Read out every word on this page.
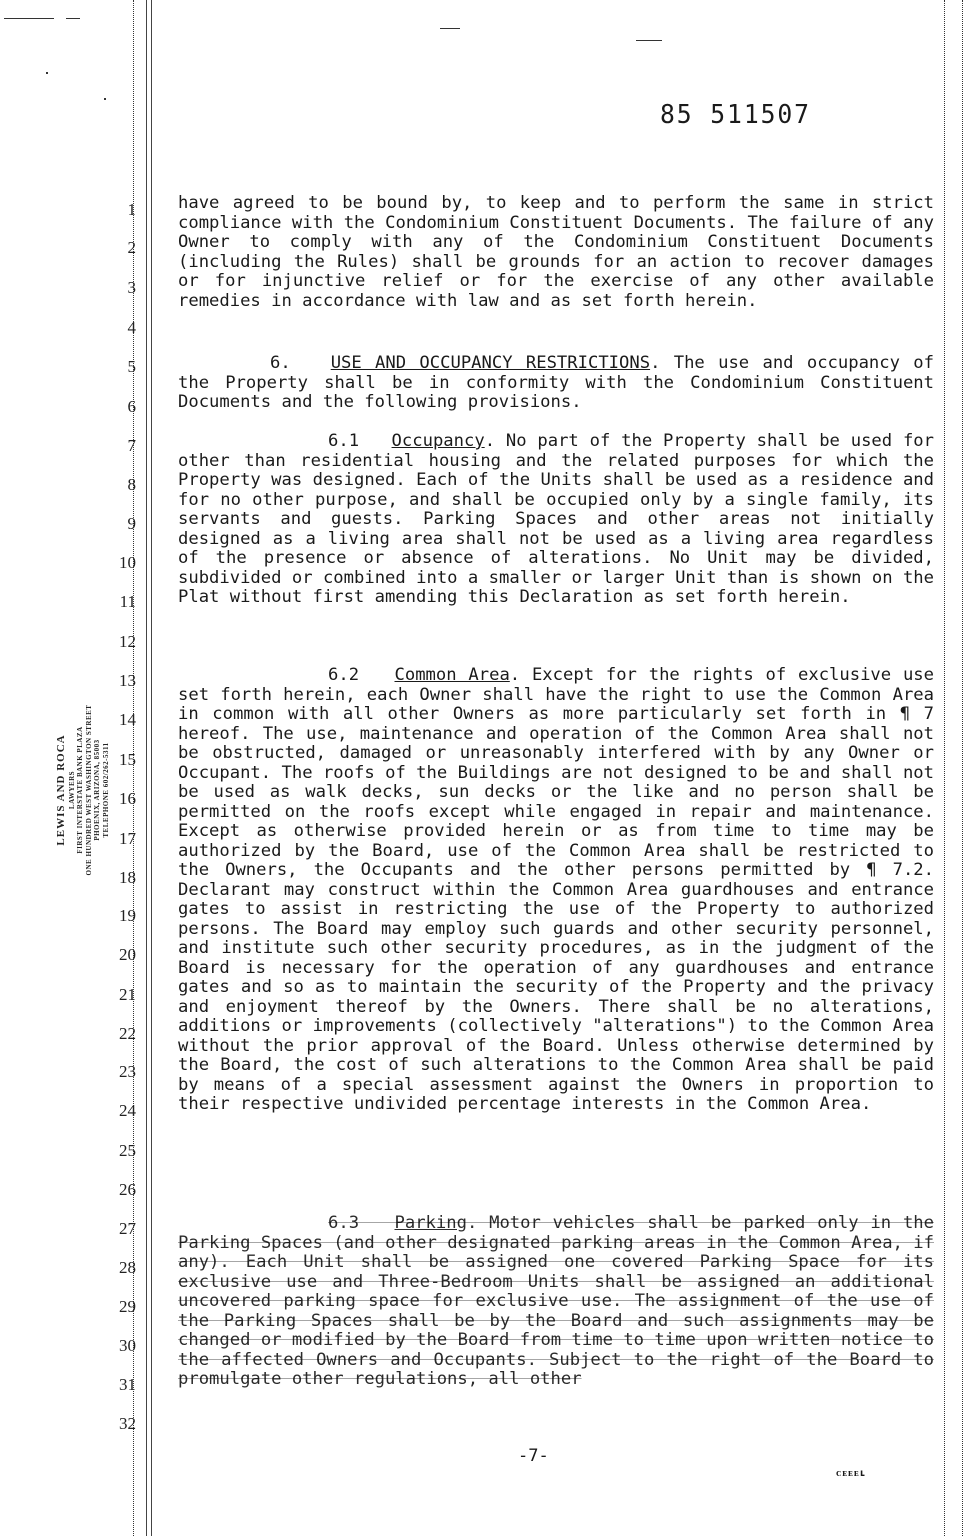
85 511507
LEWIS AND ROCA LAWYERS FIRST INTERSTATE BANK PLAZA ONE HUNDRED WEST WASHINGTON STREET PHOENIX, ARIZONA, 85003 TELEPHONE 602/262-5311
1
2
3
4
5
6
7
8
9
10
11
12
13
14
15
16
17
18
19
20
21
22
23
24
25
26
27
28
29
30
31
32

have agreed to be bound by, to keep and to perform the same in strict compliance with the Condominium Constituent Documents. The failure of any Owner to comply with any of the Condominium Constituent Documents (including the Rules) shall be grounds for an action to recover damages or for injunctive relief or for the exercise of any other available remedies in accordance with law and as set forth herein.

6. USE AND OCCUPANCY RESTRICTIONS. The use and occupancy of the Property shall be in conformity with the Condominium Constituent Documents and the following provisions.

6.1 Occupancy. No part of the Property shall be used for other than residential housing and the related purposes for which the Property was designed. Each of the Units shall be used as a residence and for no other purpose, and shall be occupied only by a single family, its servants and guests. Parking Spaces and other areas not initially designed as a living area shall not be used as a living area regardless of the presence or absence of alterations. No Unit may be divided, subdivided or combined into a smaller or larger Unit than is shown on the Plat without first amending this Declaration as set forth herein.

6.2 Common Area. Except for the rights of exclusive use set forth herein, each Owner shall have the right to use the Common Area in common with all other Owners as more particularly set forth in ¶ 7 hereof. The use, maintenance and operation of the Common Area shall not be obstructed, damaged or unreasonably interfered with by any Owner or Occupant. The roofs of the Buildings are not designed to be and shall not be used as walk decks, sun decks or the like and no person shall be permitted on the roofs except while engaged in repair and maintenance. Except as otherwise provided herein or as from time to time may be authorized by the Board, use of the Common Area shall be restricted to the Owners, the Occupants and the other persons permitted by ¶ 7.2. Declarant may construct within the Common Area guardhouses and entrance gates to assist in restricting the use of the Property to authorized persons. The Board may employ such guards and other security personnel, and institute such other security procedures, as in the judgment of the Board is necessary for the operation of any guardhouses and entrance gates and so as to maintain the security of the Property and the privacy and enjoyment thereof by the Owners. There shall be no alterations, additions or improvements (collectively "alterations") to the Common Area without the prior approval of the Board. Unless otherwise determined by the Board, the cost of such alterations to the Common Area shall be paid by means of a special assessment against the Owners in proportion to their respective undivided percentage interests in the Common Area.

6.3 Parking. Motor vehicles shall be parked only in the Parking Spaces (and other designated parking areas in the Common Area, if any). Each Unit shall be assigned one covered Parking Space for its exclusive use and Three-Bedroom Units shall be assigned an additional uncovered parking space for exclusive use. The assignment of the use of the Parking Spaces shall be by the Board and such assignments may be changed or modified by the Board from time to time upon written notice to the affected Owners and Occupants. Subject to the right of the Board to promulgate other regulations, all other

-7-
ᴄᴇᴇᴇʟ
